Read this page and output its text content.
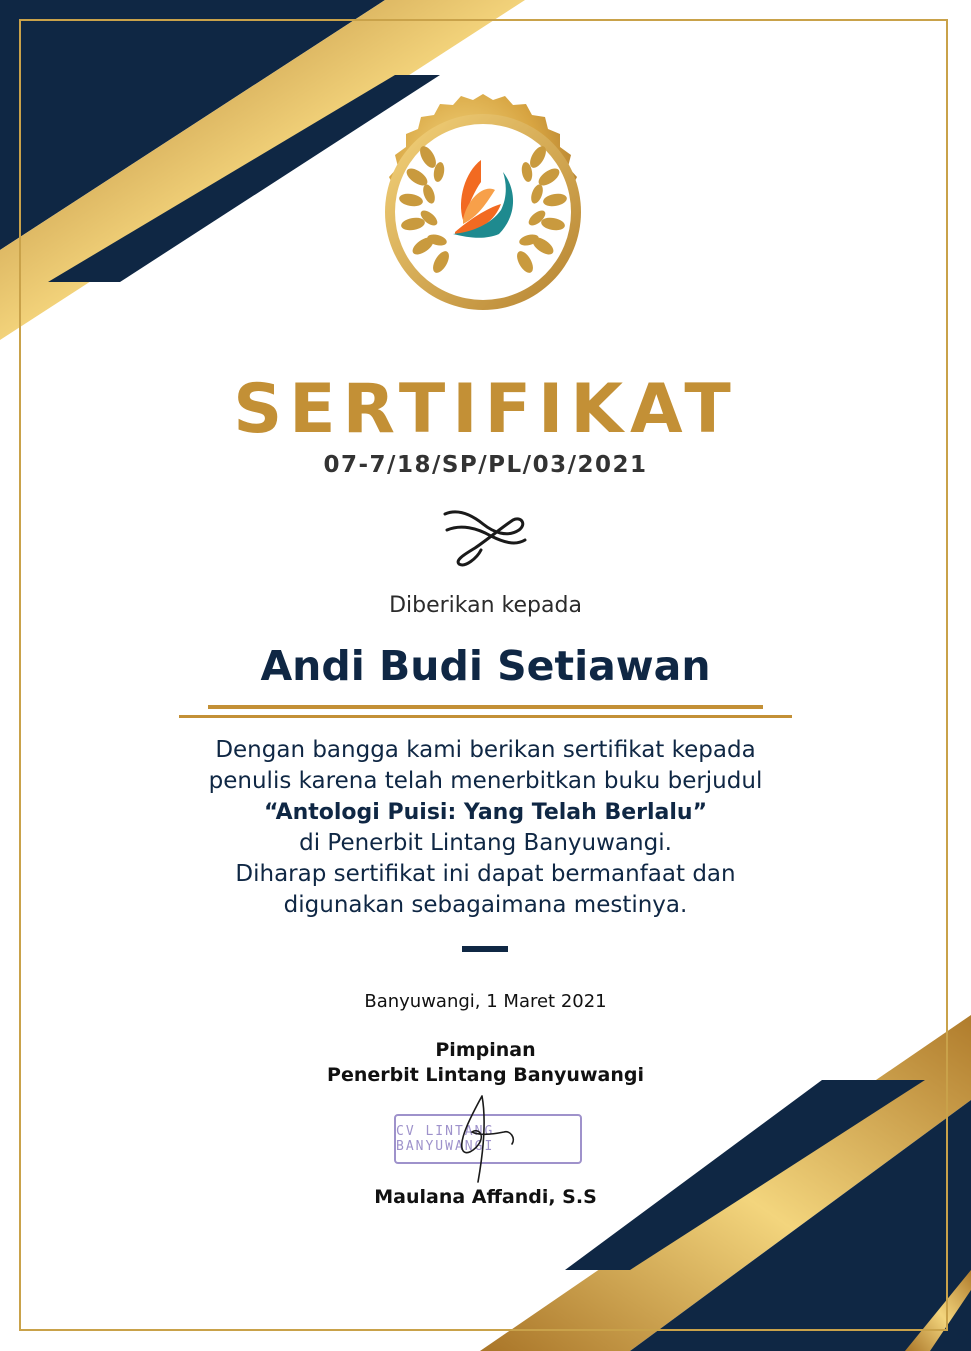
SERTIFIKAT
07-7/18/SP/PL/03/2021
Diberikan kepada
Andi Budi Setiawan
Dengan bangga kami berikan sertifikat kepada
penulis karena telah menerbitkan buku berjudul
“Antologi Puisi: Yang Telah Berlalu”
di Penerbit Lintang Banyuwangi.
Diharap sertifikat ini dapat bermanfaat dan
digunakan sebagaimana mestinya.
Banyuwangi, 1 Maret 2021
Pimpinan
Penerbit Lintang Banyuwangi
CV LINTANG BANYUWANGI
Maulana Affandi, S.S
